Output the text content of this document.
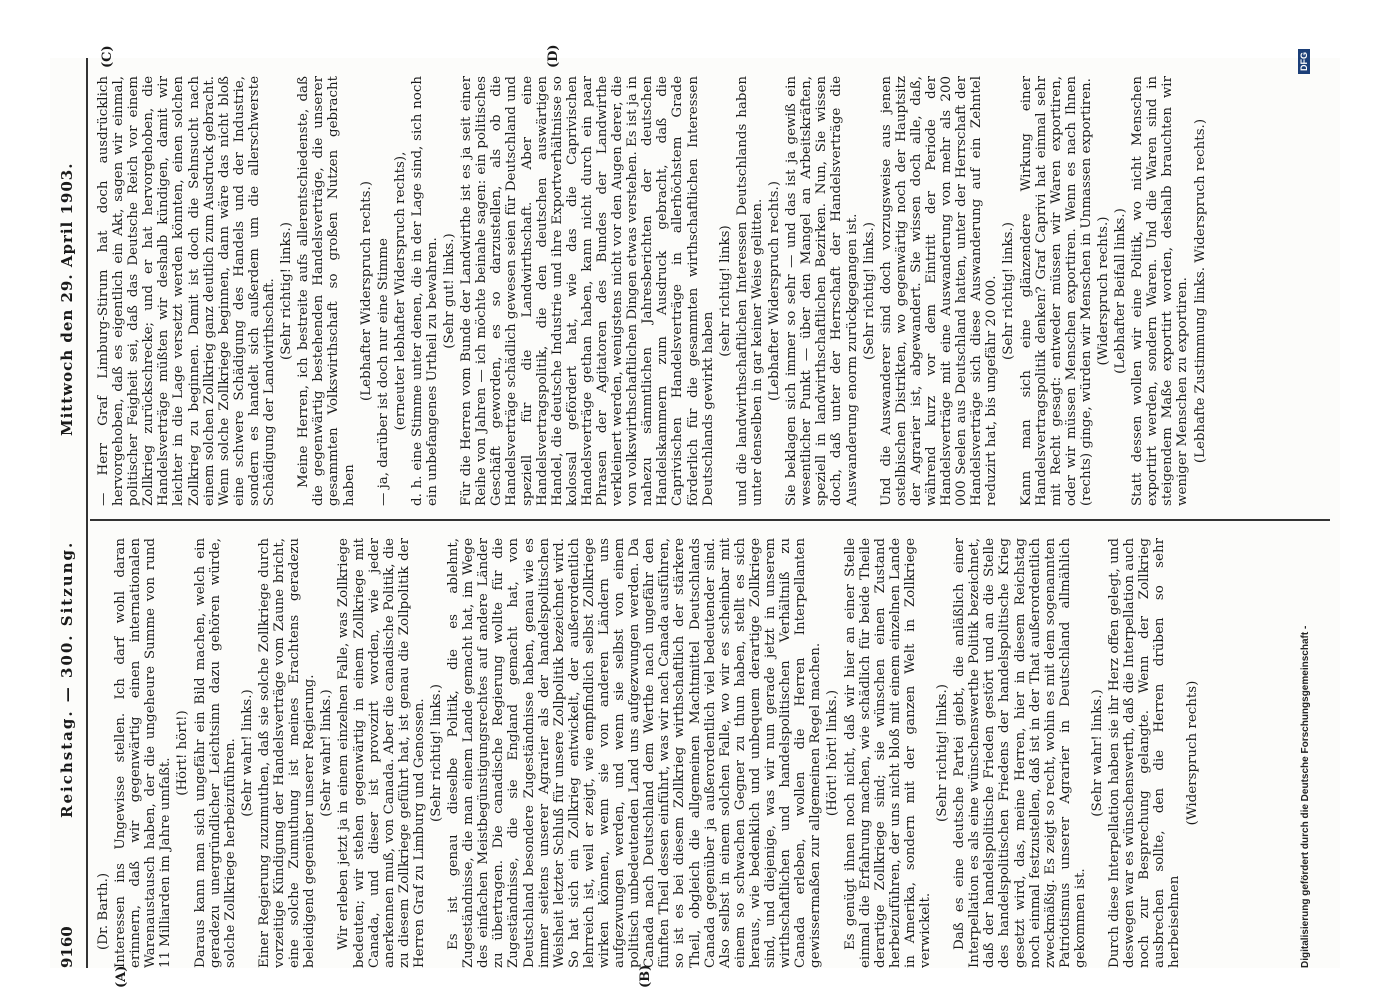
9160
Reichstag. — 300. Sitzung.
Mittwoch den 29. April 1903.
(A)	(B)
(C)	(D)

(Dr. Barth.) Interessen ins Ungewisse stellen. Ich darf wohl daran erinnern, daß wir gegenwärtig einen internationalen Warenaustausch haben, der die ungeheure Summe von rund 11 Milliarden im Jahre umfaßt.

(Hört! hört!) Daraus kann man sich ungefähr ein Bild machen, welch ein geradezu unergründlicher Leichtsinn dazu gehören würde, solche Zollkriege herbeizuführen. (Sehr wahr! links.) Einer Regierung zuzumuthen, daß sie solche Zollkriege durch vorzeitige Kündigung der Handelsverträge vom Zaune bricht, eine solche Zumuthung ist meines Erachtens geradezu beleidigend gegenüber unserer Regierung. (Sehr wahr! links.) Wir erleben jetzt ja in einem einzelnen Falle, was Zollkriege bedeuten; wir stehen gegenwärtig in einem Zollkriege mit Canada, und dieser ist provozirt worden, wie jeder anerkennen muß, von Canada. Aber die canadische Politik, die zu diesem Zollkriege geführt hat, ist genau die Zollpolitik der Herren Graf zu Limburg und Genossen. (Sehr richtig! links.) Es ist genau dieselbe Politik, die es ablehnt, Zugeständnisse, die man einem Lande gemacht hat, im Wege des einfachen Meistbegünstigungsrechtes auf andere Länder zu übertragen. Die canadische Regierung wollte für die Zugeständnisse, die sie England gemacht hat, von Deutschland besondere Zugeständnisse haben, genau wie es immer seitens unserer Agrarier als der handelspolitischen Weisheit letzter Schluß für unsere Zollpolitik bezeichnet wird. So hat sich ein Zollkrieg entwickelt, der außerordentlich lehrreich ist, weil er zeigt, wie empfindlich selbst Zollkriege wirken können, wenn sie von anderen Ländern uns aufgezwungen werden, und wenn sie selbst von einem politisch unbedeutenden Land uns aufgezwungen werden. Da Canada nach Deutschland dem Werthe nach ungefähr den fünften Theil dessen einführt, was wir nach Canada ausführen, so ist es bei diesem Zollkrieg wirthschaftlich der stärkere Theil, obgleich die allgemeinen Machtmittel Deutschlands Canada gegenüber ja außerordentlich viel bedeutender sind. Also selbst in einem solchen Falle, wo wir es scheinbar mit einem so schwachen Gegner zu thun haben, stellt es sich heraus, wie bedenklich und unbequem derartige Zollkriege sind, und diejenige, was wir nun gerade jetzt in unserem wirthschaftlichen und handelspolitischen Verhältniß zu Canada erleben, wollen die Herren Interpellanten gewissermaßen zur allgemeinen Regel machen. (Hört! hört! links.) Es genügt ihnen noch nicht, daß wir hier an einer Stelle einmal die Erfahrung machen, wie schädlich für beide Theile derartige Zollkriege sind; sie wünschen einen Zustand herbeizuführen, der uns nicht bloß mit einem einzelnen Lande in Amerika, sondern mit der ganzen Welt in Zollkriege verwickelt.

(Sehr richtig! links.) Daß es eine deutsche Partei giebt, die anläßlich einer Interpellation es als eine wünschenswerthe Politik bezeichnet, daß der handelspolitische Frieden gestört und an die Stelle des handelspolitischen Friedens der handelspolitische Krieg gesetzt wird, das, meine Herren, hier in diesem Reichstag noch einmal festzustellen, daß ist in der That außerordentlich zweckmäßig. Es zeigt so recht, wohin es mit dem sogenannten Patriotismus unserer Agrarier in Deutschland allmählich gekommen ist.

(Sehr wahr! links.) Durch diese Interpellation haben sie ihr Herz offen gelegt, und deswegen war es wünschenswerth, daß die Interpellation auch noch zur Besprechung gelangte. Wenn der Zollkrieg ausbrechen sollte, den die Herren drüben so sehr herbeisehnen

(Widerspruch rechts)

— Herr Graf Limburg-Stirum hat doch ausdrücklich hervorgehoben, daß es eigentlich ein Akt, sagen wir einmal, politischer Feigheit sei, daß das Deutsche Reich vor einem Zollkrieg zurückschrecke; und er hat hervorgehoben, die Handelsverträge müßten wir deshalb kündigen, damit wir leichter in die Lage versetzt werden könnten, einen solchen Zollkrieg zu beginnen. Damit ist doch die Sehnsucht nach einem solchen Zollkrieg ganz deutlich zum Ausdruck gebracht. Wenn solche Zollkriege beginnen, dann wäre das nicht bloß eine schwere Schädigung des Handels und der Industrie, sondern es handelt sich außerdem um die allerschwerste Schädigung der Landwirthschaft. (Sehr richtig! links.) Meine Herren, ich bestreite aufs allerentschiedenste, daß die gegenwärtig bestehenden Handelsverträge, die unserer gesammten Volkswirthschaft so großen Nutzen gebracht haben

(Lebhafter Widerspruch rechts.) — ja, darüber ist doch nur eine Stimme (erneuter lebhafter Widerspruch rechts), d. h. eine Stimme unter denen, die in der Lage sind, sich noch ein unbefangenes Urtheil zu bewahren. (Sehr gut! links.) Für die Herren vom Bunde der Landwirthe ist es ja seit einer Reihe von Jahren — ich möchte beinahe sagen: ein politisches Geschäft geworden, es so darzustellen, als ob die Handelsverträge schädlich gewesen seien für Deutschland und speziell für die Landwirthschaft. Aber eine Handelsvertragspolitik, die den deutschen auswärtigen Handel, die deutsche Industrie und ihre Exportverhältnisse so kolossal gefördert hat, wie das die Caprivischen Handelsverträge gethan haben, kann nicht durch ein paar Phrasen der Agitatoren des Bundes der Landwirthe verkleinert werden, wenigstens nicht vor den Augen derer, die von volkswirthschaftlichen Dingen etwas verstehen. Es ist ja in nahezu sämmtlichen Jahresberichten der deutschen Handelskammern zum Ausdruck gebracht, daß die Caprivischen Handelsverträge in allerhöchstem Grade förderlich für die gesammten wirthschaftlichen Interessen Deutschlands gewirkt haben

(sehr richtig! links) und die landwirthschaftlichen Interessen Deutschlands haben unter denselben in gar keiner Weise gelitten. (Lebhafter Widerspruch rechts.) Sie beklagen sich immer so sehr — und das ist ja gewiß ein wesentlicher Punkt — über den Mangel an Arbeitskräften, speziell in landwirthschaftlichen Bezirken. Nun, Sie wissen doch, daß unter der Herrschaft der Handelsverträge die Auswanderung enorm zurückgegangen ist. (Sehr richtig! links.) Und die Auswanderer sind doch vorzugsweise aus jenen ostelbischen Distrikten, wo gegenwärtig noch der Hauptsitz der Agrarier ist, abgewandert. Sie wissen doch alle, daß, während kurz vor dem Eintritt der Periode der Handelsverträge mit eine Auswanderung von mehr als 200 000 Seelen aus Deutschland hatten, unter der Herrschaft der Handelsverträge sich diese Auswanderung auf ein Zehntel reduzirt hat, bis ungefähr 20 000. (Sehr richtig! links.) Kann man sich eine glänzendere Wirkung einer Handelsvertragspolitik denken? Graf Caprivi hat einmal sehr mit Recht gesagt: entweder müssen wir Waren exportiren, oder wir müssen Menschen exportiren. Wenn es nach Ihnen (rechts) ginge, würden wir Menschen in Unmassen exportiren. (Widerspruch rechts.) (Lebhafter Beifall links.) Statt dessen wollen wir eine Politik, wo nicht Menschen exportirt werden, sondern Waren. Und die Waren sind in steigendem Maße exportirt worden, deshalb brauchten wir weniger Menschen zu exportiren. (Lebhafte Zustimmung links. Widerspruch rechts.)

Digitalisierung gefördert durch die Deutsche Forschungsgemeinschaft -
DFG
